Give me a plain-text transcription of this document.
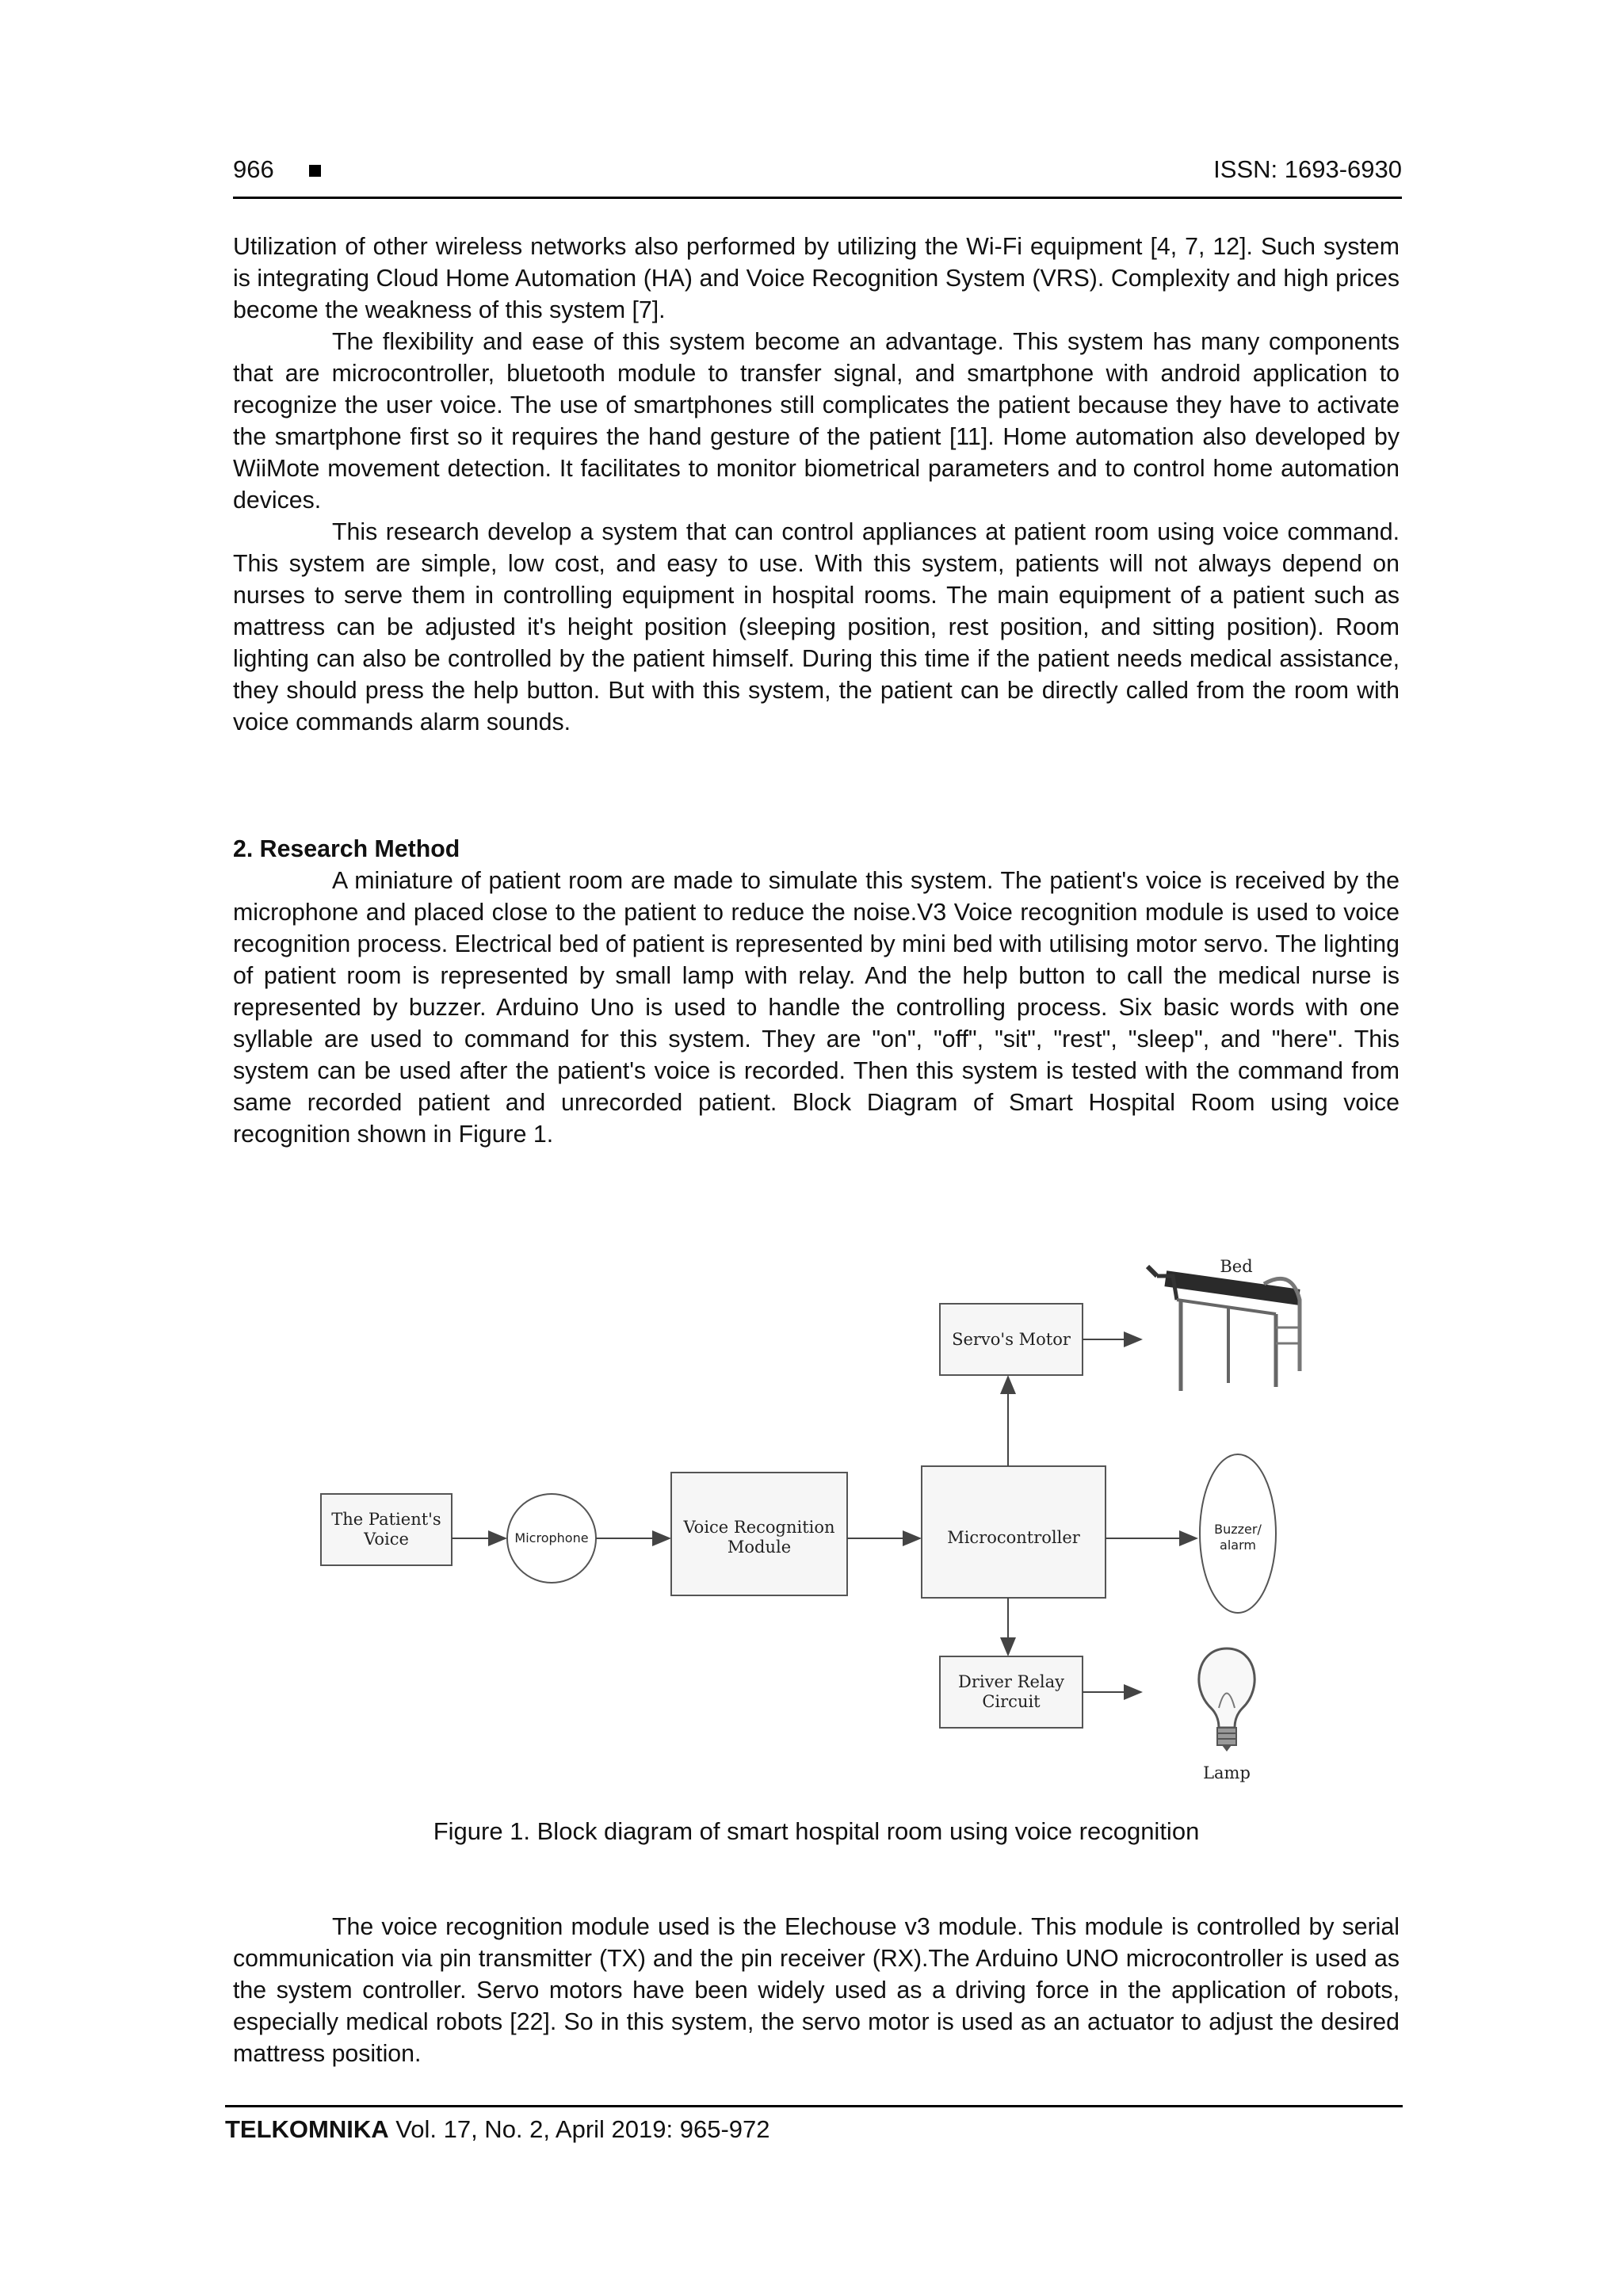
966	ISSN: 1693-6930

Utilization of other wireless networks also performed by utilizing the Wi-Fi equipment [4, 7, 12]. Such system is integrating Cloud Home Automation (HA) and Voice Recognition System (VRS). Complexity and high prices become the weakness of this system [7].

The flexibility and ease of this system become an advantage. This system has many components that are microcontroller, bluetooth module to transfer signal, and smartphone with android application to recognize the user voice. The use of smartphones still complicates the patient because they have to activate the smartphone first so it requires the hand gesture of the patient [11]. Home automation also developed by WiiMote movement detection. It facilitates to monitor biometrical parameters and to control home automation devices.

This research develop a system that can control appliances at patient room using voice command. This system are simple, low cost, and easy to use. With this system, patients will not always depend on nurses to serve them in controlling equipment in hospital rooms. The main equipment of a patient such as mattress can be adjusted it's height position (sleeping position, rest position, and sitting position). Room lighting can also be controlled by the patient himself. During this time if the patient needs medical assistance, they should press the help button. But with this system, the patient can be directly called from the room with voice commands alarm sounds.

2. Research Method

A miniature of patient room are made to simulate this system. The patient's voice is received by the microphone and placed close to the patient to reduce the noise.V3 Voice recognition module is used to voice recognition process. Electrical bed of patient is represented by mini bed with utilising motor servo. The lighting of patient room is represented by small lamp with relay. And the help button to call the medical nurse is represented by buzzer. Arduino Uno is used to handle the controlling process. Six basic words with one syllable are used to command for this system. They are "on", "off", "sit", "rest", "sleep", and "here". This system can be used after the patient's voice is recorded. Then this system is tested with the command from same recorded patient and unrecorded patient. Block Diagram of Smart Hospital Room using voice recognition shown in Figure 1.

Bed
Servo's Motor
The Patient's
Voice	Microphone
Voice Recognition
Module	Microcontroller	Buzzer/
alarm
Driver Relay
Circuit
Lamp
Figure 1. Block diagram of smart hospital room using voice recognition

The voice recognition module used is the Elechouse v3 module. This module is controlled by serial communication via pin transmitter (TX) and the pin receiver (RX).The Arduino UNO microcontroller is used as the system controller. Servo motors have been widely used as a driving force in the application of robots, especially medical robots [22]. So in this system, the servo motor is used as an actuator to adjust the desired mattress position.

TELKOMNIKA Vol. 17, No. 2, April 2019: 965-972
